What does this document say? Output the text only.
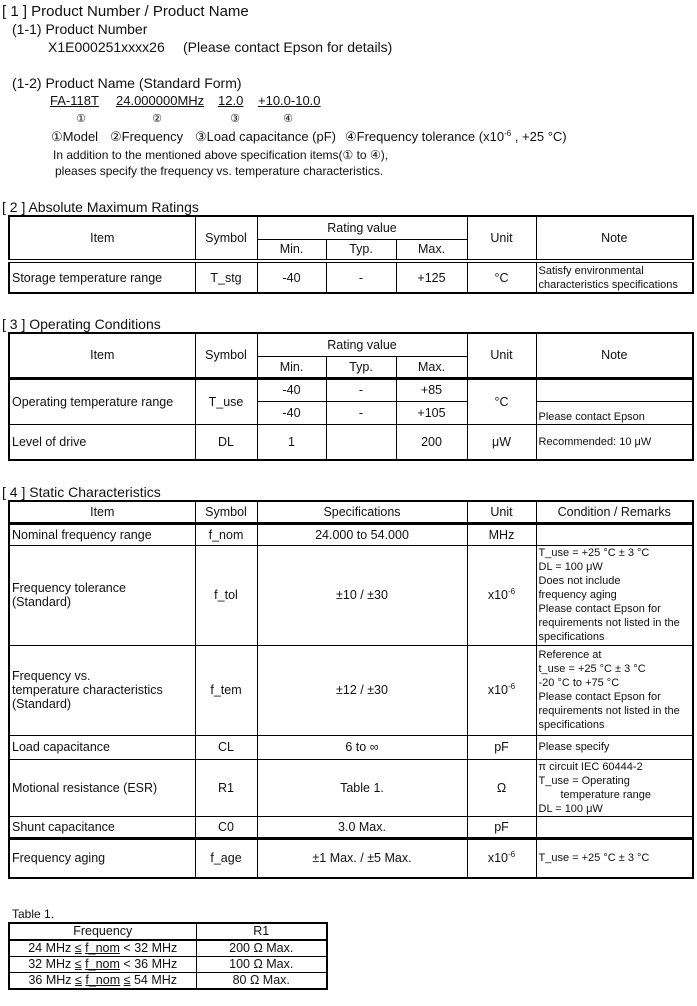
[ 1 ] Product Number / Product Name
(1-1) Product Number
X1E000251xxxx26 (Please contact Epson for details)
(1-2) Product Name (Standard Form)
FA-118T 24.000000MHz 12.0 +10.0-10.0
①	②	③	④
①Model ②Frequency ③Load capacitance (pF) ④Frequency tolerance ($x10^{-6}$ , +25 °C)
In addition to the mentioned above specification items(① to ④),
pleases specify the frequency vs. temperature characteristics.
[ 2 ] Absolute Maximum Ratings
Item	Symbol	Rating value			Unit	Note
		Min.	Typ.	Max.		
Storage temperature range	T_stg	-40	-	+125	°C	Satisfy environmental characteristics specifications
[ 3 ] Operating Conditions
Item	Symbol	Rating value			Unit	Note
		Min.	Typ.	Max.		
Operating temperature range	T_use	-40	-	+85	°C	
		-40	-	+105		Please contact Epson
Level of drive	DL	1		200	μW	Recommended: 10 μW
[ 4 ] Static Characteristics
Item	Symbol	Specifications	Unit	Condition / Remarks
Nominal frequency range	f_nom	24.000 to 54.000	MHz	

Frequency tolerance
(Standard)	f_tol	±10 / ±30	$x10^{-6}$	
T_use = +25 °C ± 3 °C
DL = 100 μW
Does not include
frequency aging
Please contact Epson for
requirements not listed in the
specifications

Frequency vs.
temperature characteristics
(Standard)
	f_tem	±12 / ±30	$x10^{-6}$	
Reference at
t_use = +25 °C ± 3 °C
-20 °C to +75 °C
Please contact Epson for
requirements not listed in the
specifications

Load capacitance	CL	6 to ∞	pF	Please specify
Motional resistance (ESR)	R1	Table 1.	Ω	π circuit IEC 60444-2
T_use = Operating
temperature range
DL = 100 μW

Shunt capacitance	C0	3.0 Max.	pF	
Frequency aging	f_age	±1 Max. / ±5 Max.	$x10^{-6}$	T_use = +25 °C ± 3 °C
Table 1.
Frequency	R1
24 MHz ≤ f_nom < 32 MHz	200 Ω Max.
32 MHz ≤ f_nom < 36 MHz	100 Ω Max.
36 MHz ≤ f_nom ≤ 54 MHz	80 Ω Max.
